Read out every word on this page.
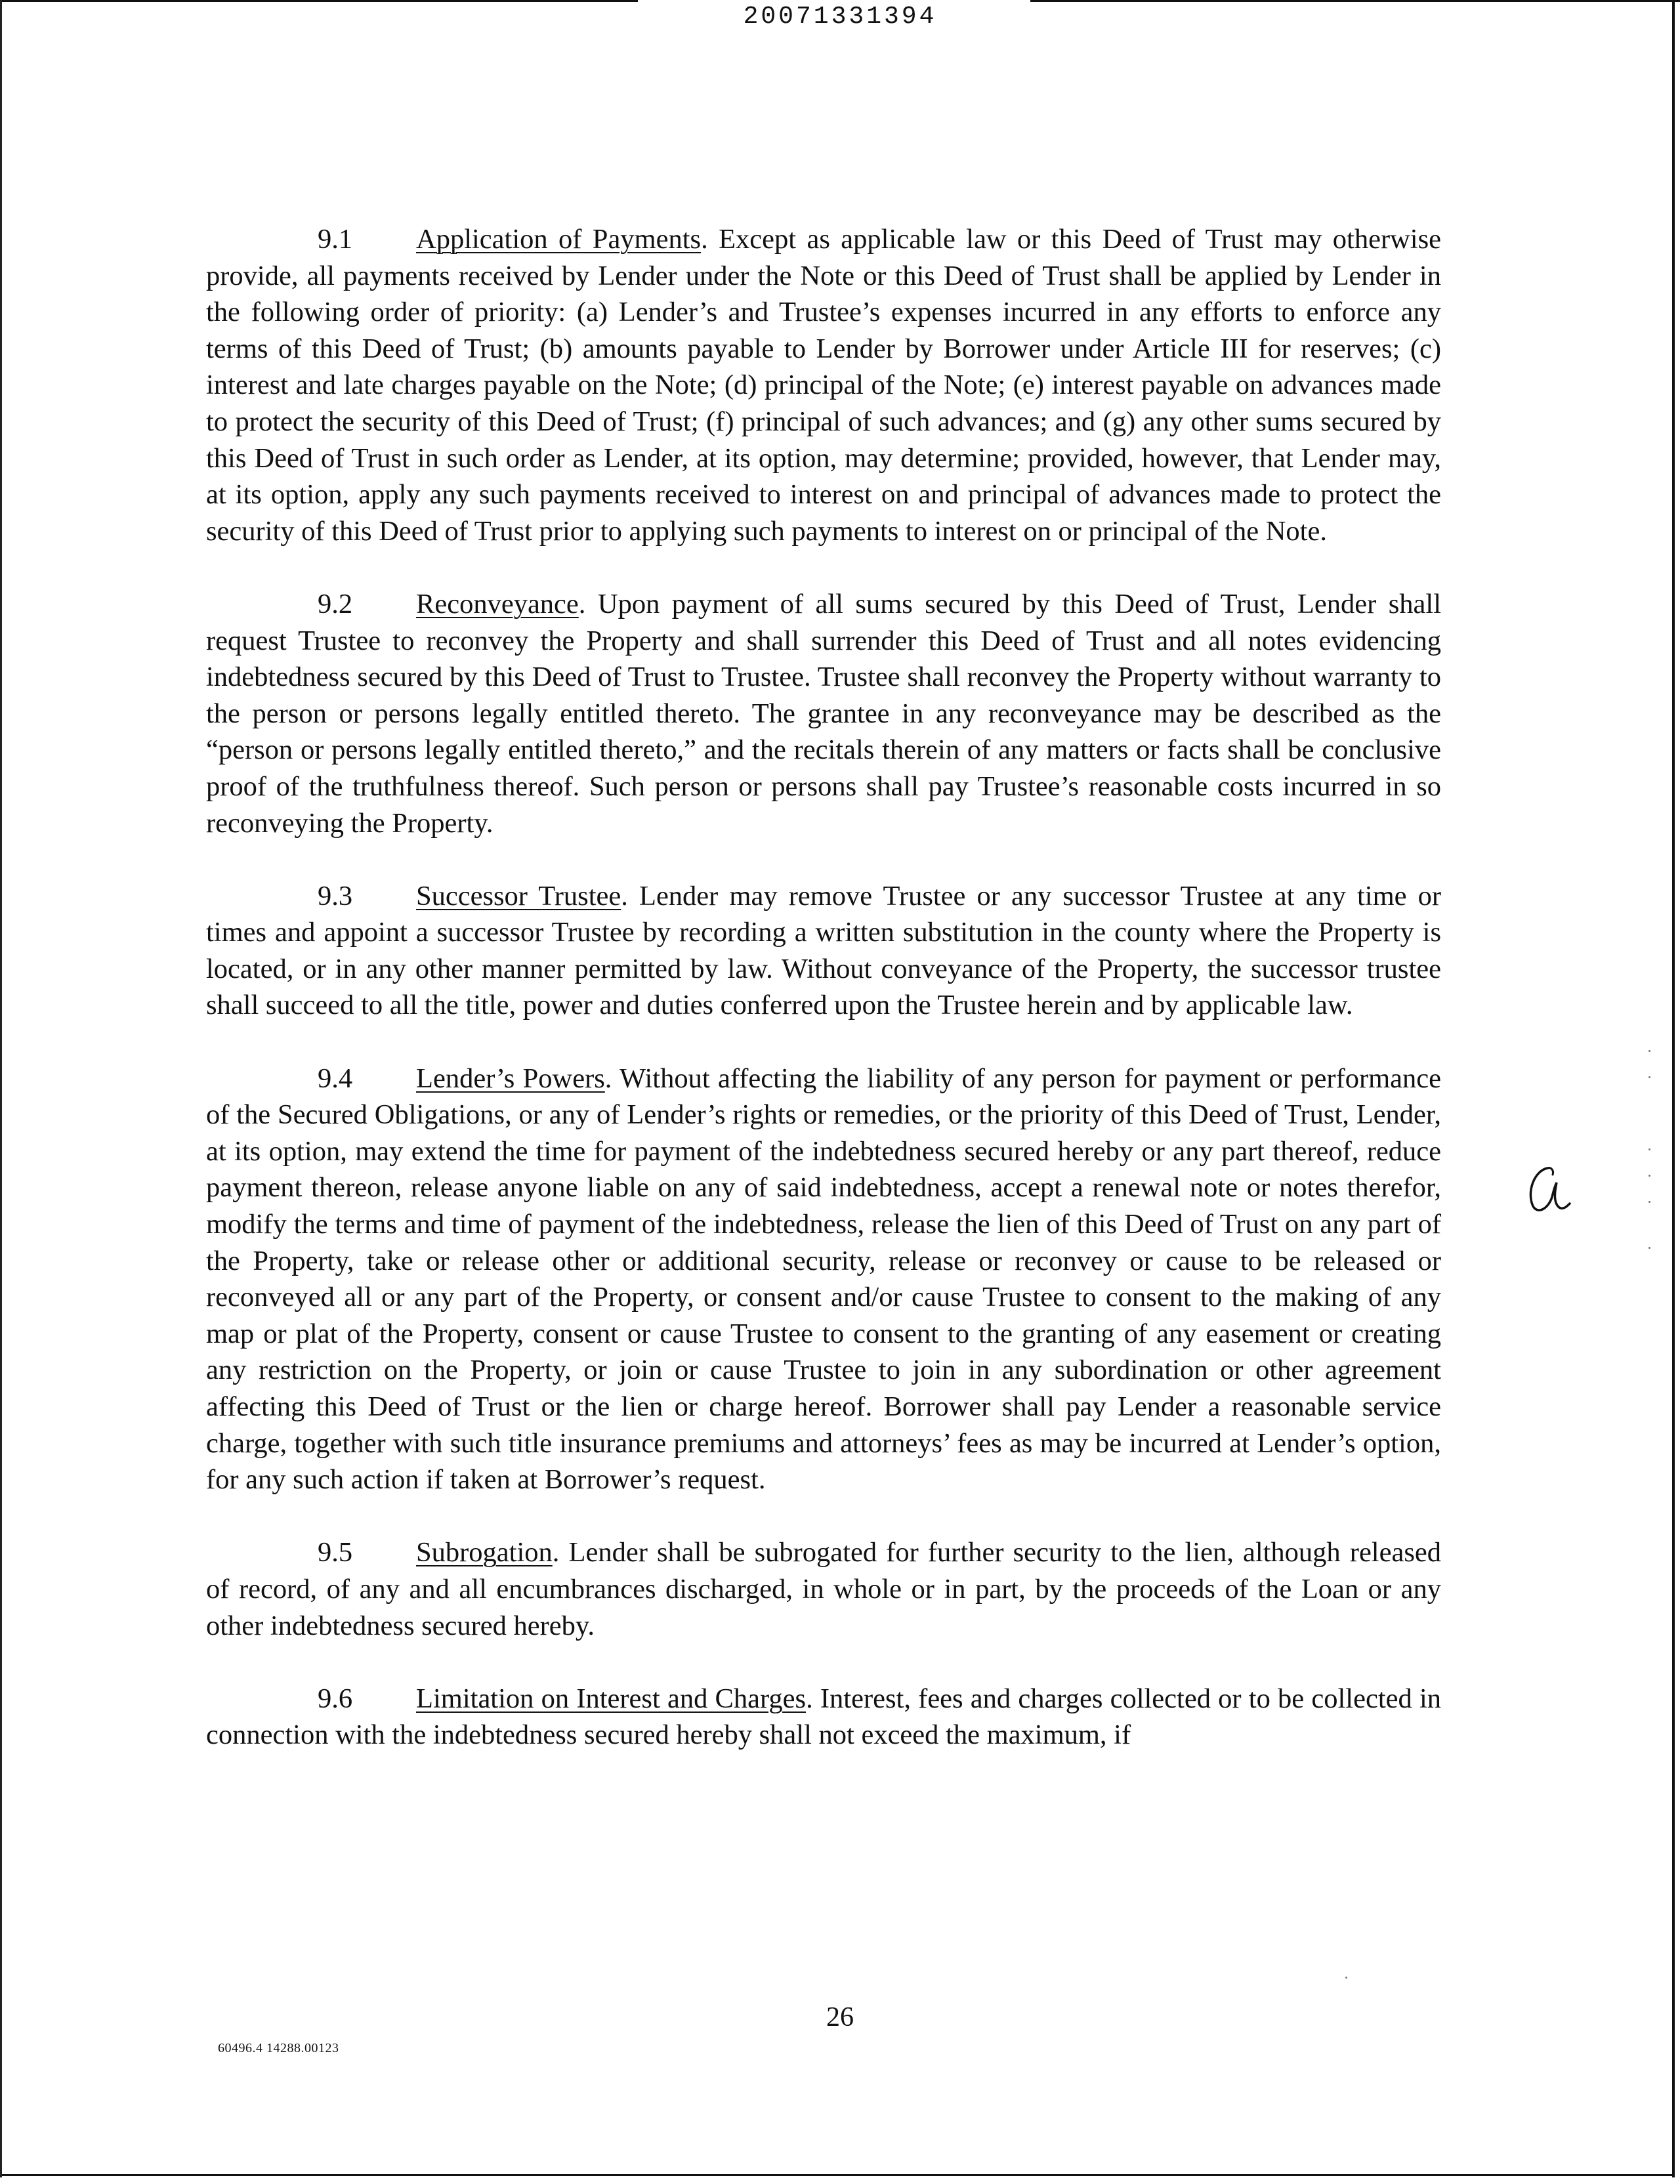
20071331394

9.1 Application of Payments. Except as applicable law or this Deed of Trust may otherwise provide, all payments received by Lender under the Note or this Deed of Trust shall be applied by Lender in the following order of priority: (a) Lender’s and Trustee’s expenses incurred in any efforts to enforce any terms of this Deed of Trust; (b) amounts payable to Lender by Borrower under Article III for reserves; (c) interest and late charges payable on the Note; (d) principal of the Note; (e) interest payable on advances made to protect the security of this Deed of Trust; (f) principal of such advances; and (g) any other sums secured by this Deed of Trust in such order as Lender, at its option, may determine; provided, however, that Lender may, at its option, apply any such payments received to interest on and principal of advances made to protect the security of this Deed of Trust prior to applying such payments to interest on or principal of the Note.

9.2 Reconveyance. Upon payment of all sums secured by this Deed of Trust, Lender shall request Trustee to reconvey the Property and shall surrender this Deed of Trust and all notes evidencing indebtedness secured by this Deed of Trust to Trustee. Trustee shall reconvey the Property without warranty to the person or persons legally entitled thereto. The grantee in any reconveyance may be described as the “person or persons legally entitled thereto,” and the recitals therein of any matters or facts shall be conclusive proof of the truthfulness thereof. Such person or persons shall pay Trustee’s reasonable costs incurred in so reconveying the Property.

9.3 Successor Trustee. Lender may remove Trustee or any successor Trustee at any time or times and appoint a successor Trustee by recording a written substitution in the county where the Property is located, or in any other manner permitted by law. Without conveyance of the Property, the successor trustee shall succeed to all the title, power and duties conferred upon the Trustee herein and by applicable law.

9.4 Lender’s Powers. Without affecting the liability of any person for payment or performance of the Secured Obligations, or any of Lender’s rights or remedies, or the priority of this Deed of Trust, Lender, at its option, may extend the time for payment of the indebtedness secured hereby or any part thereof, reduce payment thereon, release anyone liable on any of said indebtedness, accept a renewal note or notes therefor, modify the terms and time of payment of the indebtedness, release the lien of this Deed of Trust on any part of the Property, take or release other or additional security, release or reconvey or cause to be released or reconveyed all or any part of the Property, or consent and/or cause Trustee to consent to the making of any map or plat of the Property, consent or cause Trustee to consent to the granting of any easement or creating any restriction on the Property, or join or cause Trustee to join in any subordination or other agreement affecting this Deed of Trust or the lien or charge hereof. Borrower shall pay Lender a reasonable service charge, together with such title insurance premiums and attorneys’ fees as may be incurred at Lender’s option, for any such action if taken at Borrower’s request.

9.5 Subrogation. Lender shall be subrogated for further security to the lien, although released of record, of any and all encumbrances discharged, in whole or in part, by the proceeds of the Loan or any other indebtedness secured hereby.

9.6 Limitation on Interest and Charges. Interest, fees and charges collected or to be collected in connection with the indebtedness secured hereby shall not exceed the maximum, if

26
60496.4 14288.00123
